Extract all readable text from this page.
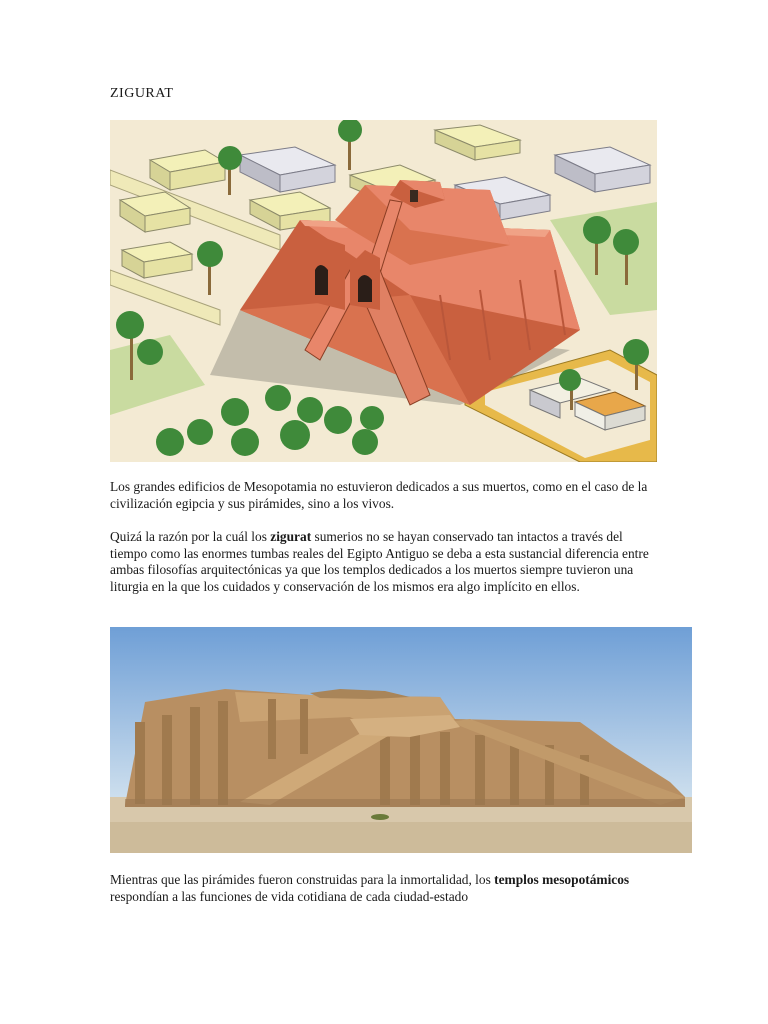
ZIGURAT
Los grandes edificios de Mesopotamia no estuvieron dedicados a sus muertos, como en el caso de la civilización egipcia y sus pirámides, sino a los vivos.
Quizá la razón por la cuál los zigurat sumerios no se hayan conservado tan intactos a través del tiempo como las enormes tumbas reales del Egipto Antiguo se deba a esta sustancial diferencia entre ambas filosofías arquitectónicas ya que los templos dedicados a los muertos siempre tuvieron una liturgia en la que los cuidados y conservación de los mismos era algo implícito en ellos.
Mientras que las pirámides fueron construidas para la inmortalidad, los templos mesopotámicos respondían a las funciones de vida cotidiana de cada ciudad-estado
